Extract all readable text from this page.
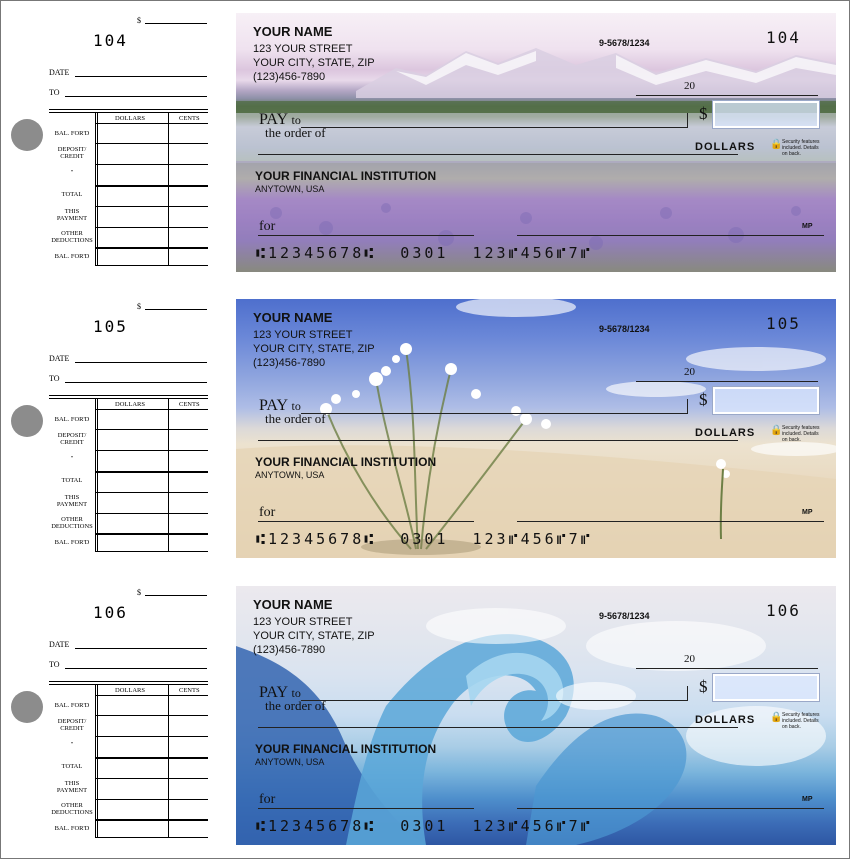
$
104
DATE
TO
DOLLARS	CENTS
BAL. FOR'D
DEPOSIT/
CREDIT
"
TOTAL
THIS
PAYMENT
OTHER
DEDUCTIONS
BAL. FOR'D
YOUR NAME
123 YOUR STREET
YOUR CITY, STATE, ZIP
(123)456-7890
9-5678/1234	104
20
PAY to
the order of
$
DOLLARS 🔒 Security features included. Details on back.
YOUR FINANCIAL INSTITUTION
ANYTOWN, USA
for	MP
⑆12345678⑆  0301  123⑈456⑈7⑈
$
105
DATE
TO
DOLLARS	CENTS
BAL. FOR'D
DEPOSIT/
CREDIT
"
TOTAL
THIS
PAYMENT
OTHER
DEDUCTIONS
BAL. FOR'D
YOUR NAME
123 YOUR STREET
YOUR CITY, STATE, ZIP
(123)456-7890
9-5678/1234	105
20
PAY to
the order of
$
DOLLARS 🔒 Security features included. Details on back.
YOUR FINANCIAL INSTITUTION
ANYTOWN, USA
for	MP
⑆12345678⑆  0301  123⑈456⑈7⑈
$
106
DATE
TO
DOLLARS	CENTS
BAL. FOR'D
DEPOSIT/
CREDIT
"
TOTAL
THIS
PAYMENT
OTHER
DEDUCTIONS
BAL. FOR'D
YOUR NAME
123 YOUR STREET
YOUR CITY, STATE, ZIP
(123)456-7890
9-5678/1234	106
20
PAY to
the order of
$
DOLLARS 🔒 Security features included. Details on back.
YOUR FINANCIAL INSTITUTION
ANYTOWN, USA
for	MP
⑆12345678⑆  0301  123⑈456⑈7⑈
